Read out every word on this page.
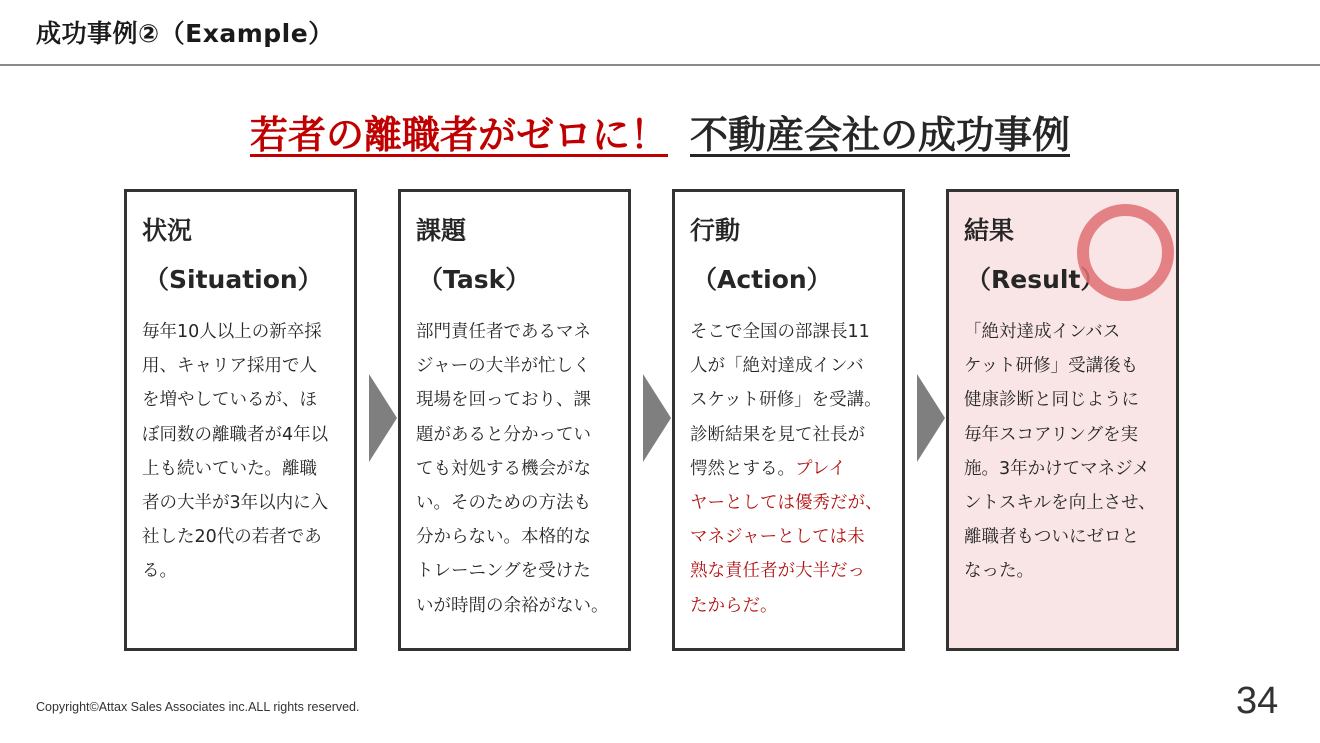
成功事例②（Example）
若者の離職者がゼロに！ 不動産会社の成功事例
状況
（Situation）
毎年10人以上の新卒採
用、キャリア採用で人
を増やしているが、ほ
ぼ同数の離職者が4年以
上も続いていた。離職
者の大半が3年以内に入
社した20代の若者であ
る。
課題
（Task）
部門責任者であるマネ
ジャーの大半が忙しく
現場を回っており、課
題があると分かってい
ても対処する機会がな
い。そのための方法も
分からない。本格的な
トレーニングを受けた
いが時間の余裕がない。
行動
（Action）
そこで全国の部課長11
人が「絶対達成インバ
スケット研修」を受講。
診断結果を見て社長が
愕然とする。プレイ
ヤーとしては優秀だが、
マネジャーとしては未
熟な責任者が大半だっ
たからだ。
結果
（Result）
「絶対達成インバス
ケット研修」受講後も
健康診断と同じように
毎年スコアリングを実
施。3年かけてマネジメ
ントスキルを向上させ、
離職者もついにゼロと
なった。
Copyright©Attax Sales Associates inc.ALL rights reserved.	34
